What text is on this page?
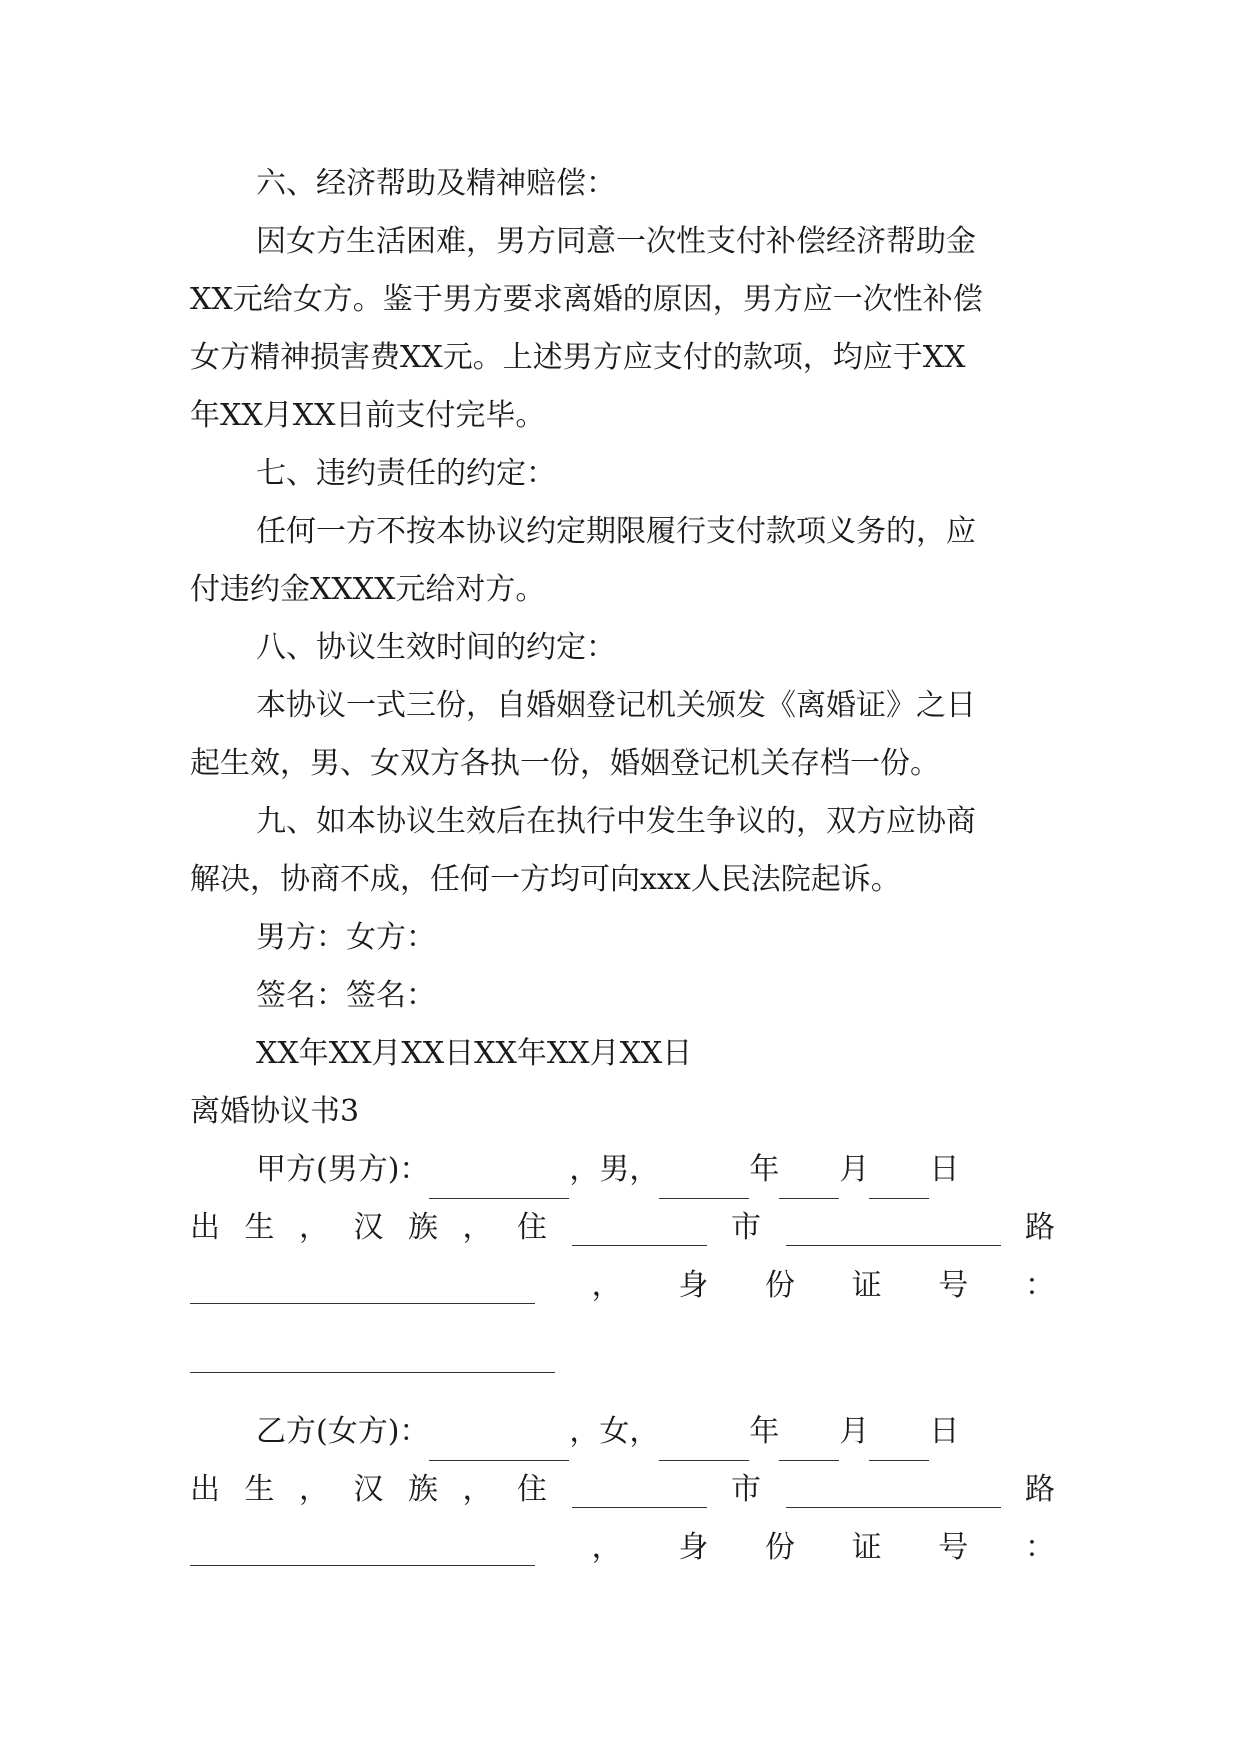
六、经济帮助及精神赔偿：
因女方生活困难，男方同意一次性支付补偿经济帮助金
XX元给女方。鉴于男方要求离婚的原因，男方应一次性补偿
女方精神损害费XX元。上述男方应支付的款项，均应于XX
年XX月XX日前支付完毕。
七、违约责任的约定：
任何一方不按本协议约定期限履行支付款项义务的，应
付违约金XXXX元给对方。
八、协议生效时间的约定：
本协议一式三份，自婚姻登记机关颁发《离婚证》之日
起生效，男、女双方各执一份，婚姻登记机关存档一份。
九、如本协议生效后在执行中发生争议的，双方应协商
解决，协商不成，任何一方均可向xxx人民法院起诉。
男方：女方：
签名：签名：
XX年XX月XX日XX年XX月XX日
离婚协议书3
甲方(男方)：	，男，	年 月 日
出 生 ， 汉 族 ， 住	市	路
， 身 份 证 号 ：
乙方(女方)：	，女，	年 月 日
出 生 ， 汉 族 ， 住	市	路
， 身 份 证 号 ：
